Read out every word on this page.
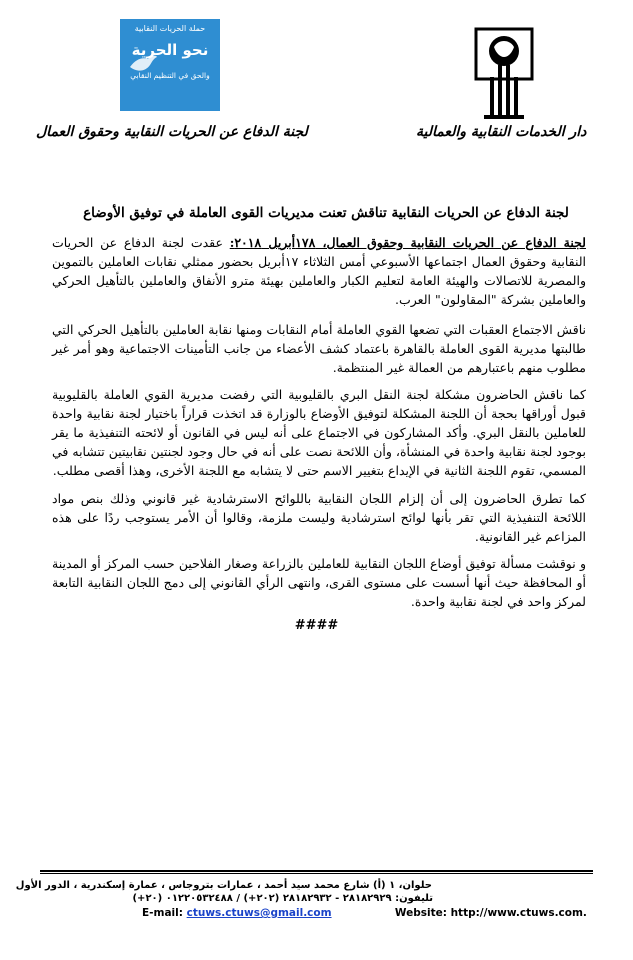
حملة الحريات النقابية
نحو الحرية
والحق في التنظيم النقابي
لجنة الدفاع عن الحريات النقابية وحقوق العمال	دار الخدمات النقابية والعمالية
لجنة الدفاع عن الحريات النقابية تناقش تعنت مديريات القوى العاملة في توفيق الأوضاع
لجنة الدفاع عن الحريات النقابية وحقوق العمال، ١٧٨أبريل ٢٠١٨: عقدت لجنة الدفاع عن الحريات النقابية وحقوق العمال اجتماعها الأسبوعي أمس الثلاثاء ١٧أبريل بحضور ممثلي نقابات العاملين بالتموين والمصرية للاتصالات والهيئة العامة لتعليم الكبار والعاملين بهيئة مترو الأنفاق والعاملين بالتأهيل الحركي والعاملين بشركة "المقاولون" العرب.
ناقش الاجتماع العقبات التي تضعها القوي العاملة أمام النقابات ومنها نقابة العاملين بالتأهيل الحركي التي طالبتها مديرية القوى العاملة بالقاهرة باعتماد كشف الأعضاء من جانب التأمينات الاجتماعية وهو أمر غير مطلوب منهم باعتبارهم من العمالة غير المنتظمة.
كما ناقش الحاضرون مشكلة لجنة النقل البري بالقليوبية التي رفضت مديرية القوي العاملة بالقليوبية قبول أوراقها بحجة أن اللجنة المشكلة لتوفيق الأوضاع بالوزارة قد اتخذت قراراً باختيار لجنة نقابية واحدة للعاملين بالنقل البري. وأكد المشاركون في الاجتماع على أنه ليس في القانون أو لائحته التنفيذية ما يقر بوجود لجنة نقابية واحدة في المنشأة، وأن اللائحة نصت على أنه في حال وجود لجنتين نقابيتين تتشابه في المسمي، تقوم اللجنة الثانية في الإيداع بتغيير الاسم حتى لا يتشابه مع اللجنة الأخرى، وهذا أقصى مطلب.
كما تطرق الحاضرون إلى أن إلزام اللجان النقابية باللوائح الاسترشادية غير قانوني وذلك بنص مواد اللائحة التنفيذية التي تقر بأنها لوائح استرشادية وليست ملزمة، وقالوا أن الأمر يستوجب ردًا على هذه المزاعم غير القانونية.
و نوقشت مسألة توفيق أوضاع اللجان النقابية للعاملين بالزراعة وصغار الفلاحين حسب المركز أو المدينة أو المحافظة حيث أنها أسست على مستوى القرى، وانتهى الرأي القانوني إلى دمج اللجان النقابية التابعة لمركز واحد في لجنة نقابية واحدة.
####
حلوان، ١ (أ) شارع محمد سيد أحمد ، عمارات بتروجاس ، عمارة إسكندرية ، الدور الأول
تليفون: ٢٨١٨٢٩٢٩ - ٢٨١٨٢٩٣٢ (٢٠٢+) / ٠١٢٢٠٥٣٢٤٨٨ (٢٠+)
E-mail: ctuws.ctuws@gmail.com	Website: http://www.ctuws.com.
